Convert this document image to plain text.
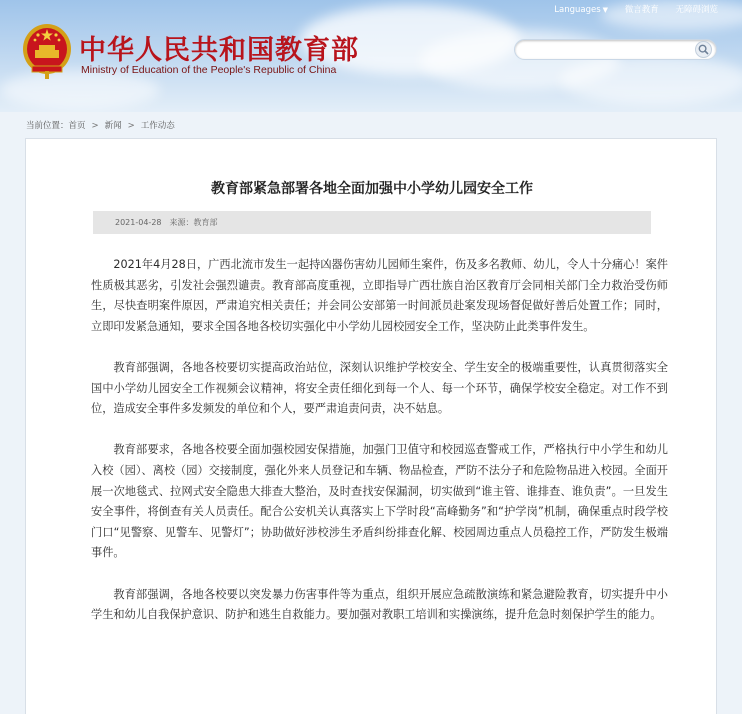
中华人民共和国教育部
Ministry of Education of the People's Republic of China
Languages ▼ 微言教育 无障碍浏览
当前位置：首页 > 新闻 > 工作动态
教育部紧急部署各地全面加强中小学幼儿园安全工作
2021-04-28 来源：教育部

2021年4月28日，广西北流市发生一起持凶器伤害幼儿园师生案件，伤及多名教师、幼儿，令人十分痛心！案件性质极其恶劣，引发社会强烈谴责。教育部高度重视，立即指导广西壮族自治区教育厅会同相关部门全力救治受伤师生，尽快查明案件原因，严肃追究相关责任；并会同公安部第一时间派员赴案发现场督促做好善后处置工作；同时，立即印发紧急通知，要求全国各地各校切实强化中小学幼儿园校园安全工作，坚决防止此类事件发生。

教育部强调，各地各校要切实提高政治站位，深刻认识维护学校安全、学生安全的极端重要性，认真贯彻落实全国中小学幼儿园安全工作视频会议精神，将安全责任细化到每一个人、每一个环节，确保学校安全稳定。对工作不到位，造成安全事件多发频发的单位和个人，要严肃追责问责，决不姑息。

教育部要求，各地各校要全面加强校园安保措施，加强门卫值守和校园巡查警戒工作，严格执行中小学生和幼儿入校（园）、离校（园）交接制度，强化外来人员登记和车辆、物品检查，严防不法分子和危险物品进入校园。全面开展一次地毯式、拉网式安全隐患大排查大整治，及时查找安保漏洞，切实做到“谁主管、谁排查、谁负责”。一旦发生安全事件，将倒查有关人员责任。配合公安机关认真落实上下学时段“高峰勤务”和“护学岗”机制，确保重点时段学校门口“见警察、见警车、见警灯”；协助做好涉校涉生矛盾纠纷排查化解、校园周边重点人员稳控工作，严防发生极端事件。

教育部强调，各地各校要以突发暴力伤害事件等为重点，组织开展应急疏散演练和紧急避险教育，切实提升中小学生和幼儿自我保护意识、防护和逃生自救能力。要加强对教职工培训和实操演练，提升危急时刻保护学生的能力。
